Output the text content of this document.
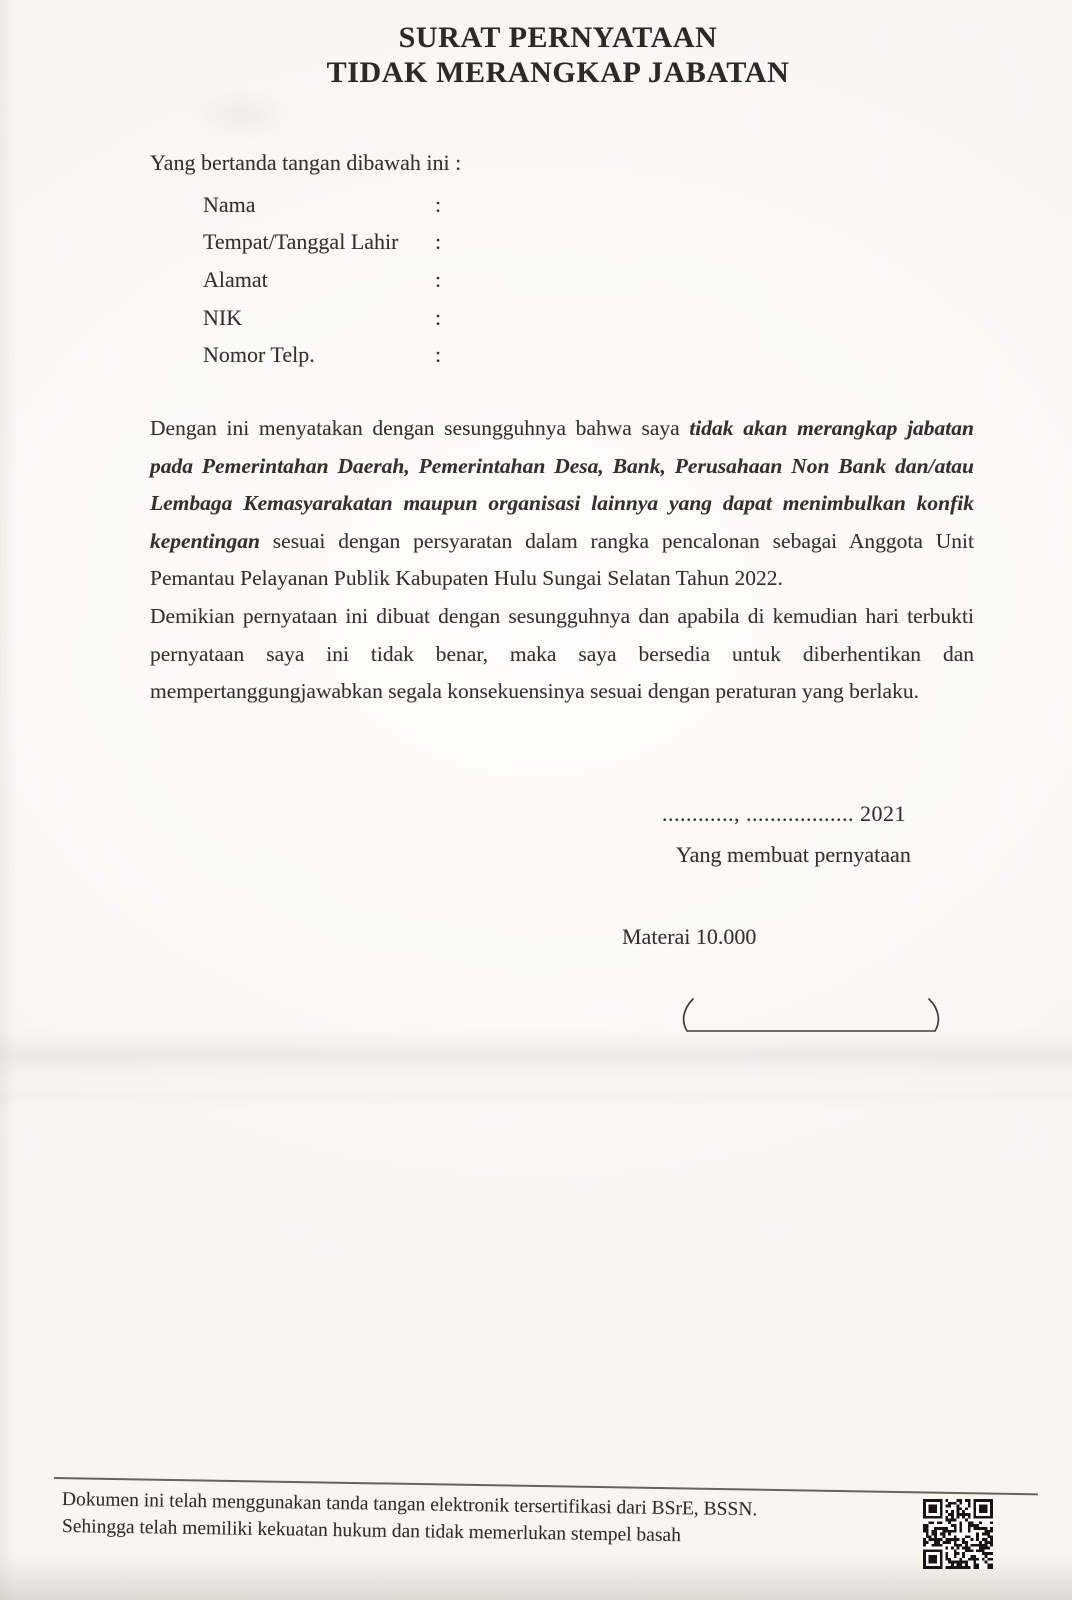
SURAT PERNYATAAN
TIDAK MERANGKAP JABATAN

Yang bertanda tangan dibawah ini :

Nama	:
Tempat/Tanggal Lahir	:
Alamat	:
NIK	:
Nomor Telp.	:

Dengan ini menyatakan dengan sesungguhnya bahwa saya tidak akan merangkap jabatan pada Pemerintahan Daerah, Pemerintahan Desa, Bank, Perusahaan Non Bank dan/atau Lembaga Kemasyarakatan maupun organisasi lainnya yang dapat menimbulkan konfik kepentingan sesuai dengan persyaratan dalam rangka pencalonan sebagai Anggota Unit Pemantau Pelayanan Publik Kabupaten Hulu Sungai Selatan Tahun 2022.

Demikian pernyataan ini dibuat dengan sesungguhnya dan apabila di kemudian hari terbukti pernyataan saya ini tidak benar, maka saya bersedia untuk diberhentikan dan mempertanggungjawabkan segala konsekuensinya sesuai dengan peraturan yang berlaku.

............, .................. 2021
Yang membuat pernyataan
Materai 10.000

Dokumen ini telah menggunakan tanda tangan elektronik tersertifikasi dari BSrE, BSSN.

Sehingga telah memiliki kekuatan hukum dan tidak memerlukan stempel basah
